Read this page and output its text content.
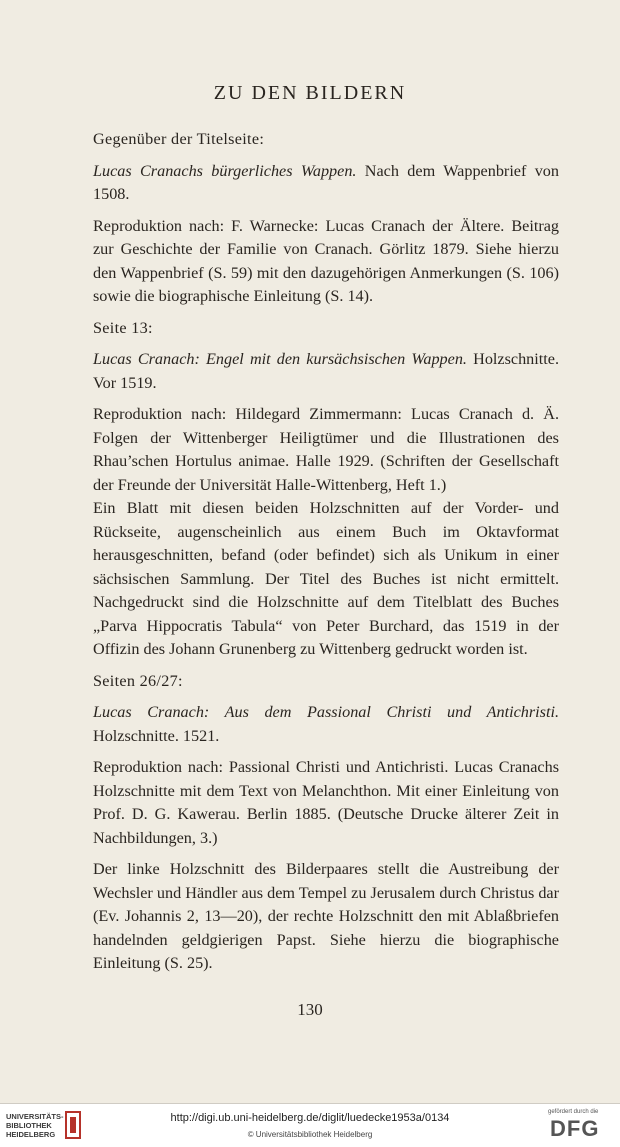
ZU DEN BILDERN

Gegenüber der Titelseite:

Lucas Cranachs bürgerliches Wappen. Nach dem Wappenbrief von 1508.

Reproduktion nach: F. Warnecke: Lucas Cranach der Ältere. Beitrag zur Geschichte der Familie von Cranach. Görlitz 1879. Siehe hierzu den Wappenbrief (S. 59) mit den dazugehörigen Anmerkungen (S. 106) sowie die biographische Einleitung (S. 14).

Seite 13:

Lucas Cranach: Engel mit den kursächsischen Wappen. Holzschnitte. Vor 1519.

Reproduktion nach: Hildegard Zimmermann: Lucas Cranach d. Ä. Folgen der Wittenberger Heiligtümer und die Illustrationen des Rhau’schen Hortulus animae. Halle 1929. (Schriften der Gesellschaft der Freunde der Universität Halle-Wittenberg, Heft 1.)

Ein Blatt mit diesen beiden Holzschnitten auf der Vorder- und Rückseite, augenscheinlich aus einem Buch im Oktavformat herausgeschnitten, befand (oder befindet) sich als Unikum in einer sächsischen Sammlung. Der Titel des Buches ist nicht ermittelt. Nachgedruckt sind die Holzschnitte auf dem Titelblatt des Buches „Parva Hippocratis Tabula“ von Peter Burchard, das 1519 in der Offizin des Johann Grunenberg zu Wittenberg gedruckt worden ist.

Seiten 26/27:

Lucas Cranach: Aus dem Passional Christi und Antichristi. Holzschnitte. 1521.

Reproduktion nach: Passional Christi und Antichristi. Lucas Cranachs Holzschnitte mit dem Text von Melanchthon. Mit einer Einleitung von Prof. D. G. Kawerau. Berlin 1885. (Deutsche Drucke älterer Zeit in Nachbildungen, 3.)

Der linke Holzschnitt des Bilderpaares stellt die Austreibung der Wechsler und Händler aus dem Tempel zu Jerusalem durch Christus dar (Ev. Johannis 2, 13—20), der rechte Holzschnitt den mit Ablaßbriefen handelnden geldgierigen Papst. Siehe hierzu die biographische Einleitung (S. 25).

130
UNIVERSITÄTS-
BIBLIOTHEK
HEIDELBERG
http://digi.ub.uni-heidelberg.de/diglit/luedecke1953a/0134
© Universitätsbibliothek Heidelberg
gefördert durch die
DFG
